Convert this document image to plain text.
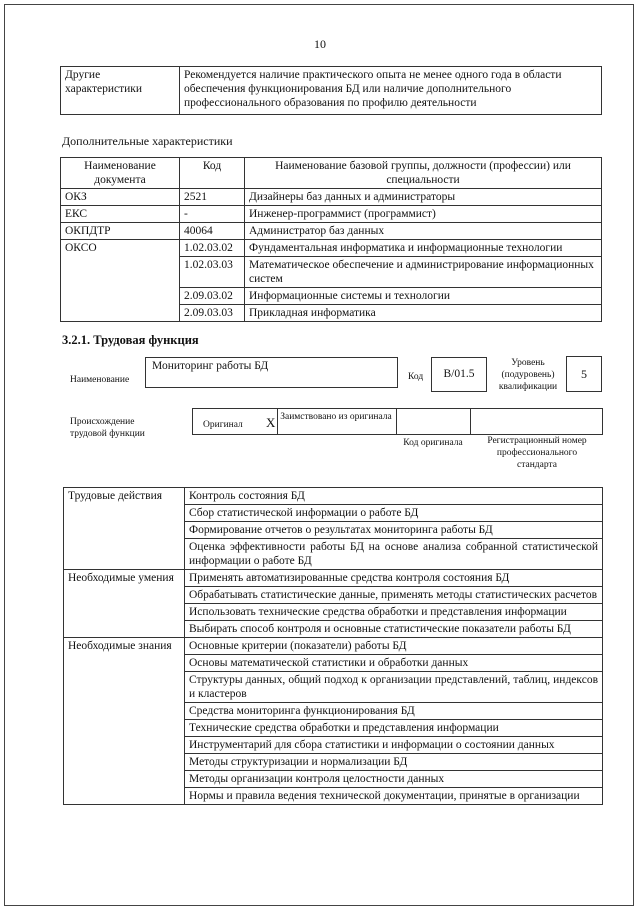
10
Другие характеристики	Рекомендуется наличие практического опыта не менее одного года в области обеспечения функционирования БД или наличие дополнительного профессионального образования по профилю деятельности
Дополнительные характеристики
Наименование документа	Код	Наименование базовой группы, должности (профессии) или специальности
ОКЗ	2521	Дизайнеры баз данных и администраторы
ЕКС	-	Инженер-программист (программист)
ОКПДТР	40064	Администратор баз данных
ОКСО	1.02.03.02	Фундаментальная информатика и информационные технологии
	1.02.03.03	Математическое обеспечение и администрирование информационных систем
	2.09.03.02	Информационные системы и технологии
	2.09.03.03	Прикладная информатика
3.2.1. Трудовая функция
Наименование
Мониторинг работы БД
Код	B/01.5
Уровень (подуровень) квалификации
5
Происхождение трудовой функции
Оригинал X Заимствовано из оригинала
Код оригинала	Регистрационный номер профессионального стандарта
Трудовые действия	Контроль состояния БД
	Сбор статистической информации о работе БД
	Формирование отчетов о результатах мониторинга работы БД
	Оценка эффективности работы БД на основе анализа собранной статистической информации о работе БД
Необходимые умения	Применять автоматизированные средства контроля состояния БД
	Обрабатывать статистические данные, применять методы статистических расчетов
	Использовать технические средства обработки и представления информации
	Выбирать способ контроля и основные статистические показатели работы БД
Необходимые знания	Основные критерии (показатели) работы БД
	Основы математической статистики и обработки данных
	Структуры данных, общий подход к организации представлений, таблиц, индексов и кластеров
	Средства мониторинга функционирования БД
	Технические средства обработки и представления информации
	Инструментарий для сбора статистики и информации о состоянии данных
	Методы структуризации и нормализации БД
	Методы организации контроля целостности данных
	Нормы и правила ведения технической документации, принятые в организации
